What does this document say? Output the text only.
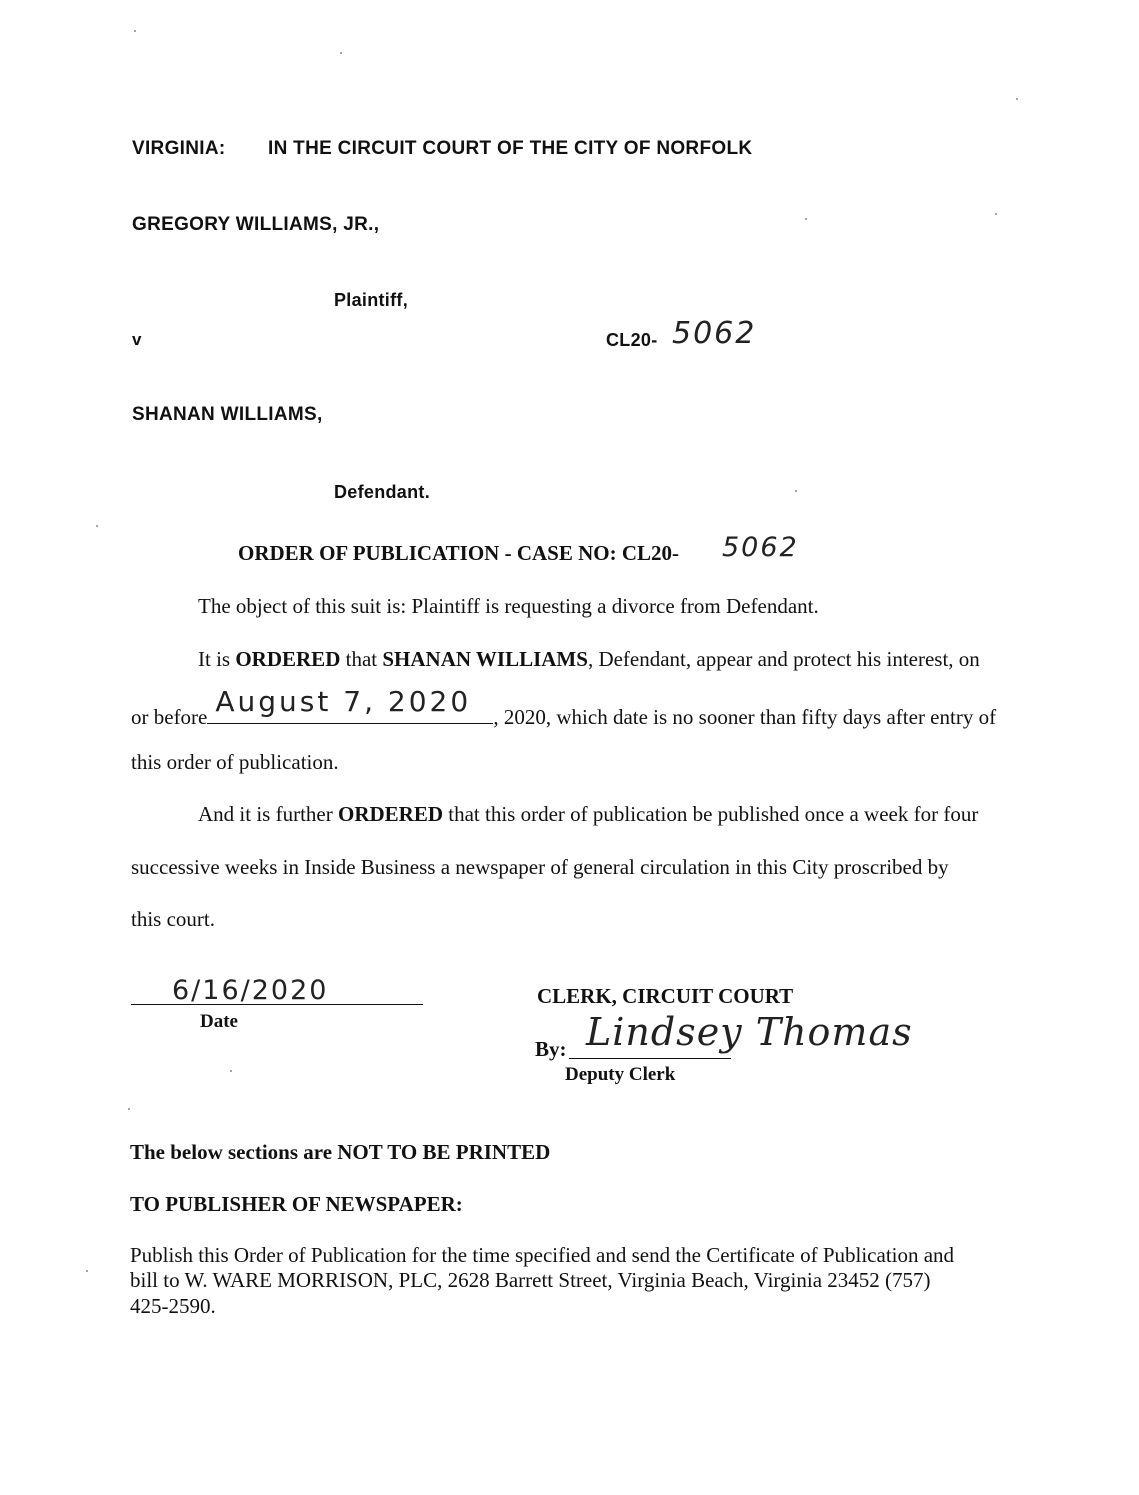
VIRGINIA: IN THE CIRCUIT COURT OF THE CITY OF NORFOLK
GREGORY WILLIAMS, JR.,
Plaintiff,
v	CL20- 5062
SHANAN WILLIAMS,
Defendant.
ORDER OF PUBLICATION - CASE NO: CL20- 5062
The object of this suit is: Plaintiff is requesting a divorce from Defendant.
It is ORDERED that SHANAN WILLIAMS, Defendant, appear and protect his interest, on
or before August 7, 2020 , 2020, which date is no sooner than fifty days after entry of
this order of publication.
And it is further ORDERED that this order of publication be published once a week for four
successive weeks in Inside Business a newspaper of general circulation in this City proscribed by
this court.
6/16/2020
Date
CLERK, CIRCUIT COURT
By: Lindsey Thomas
Deputy Clerk
The below sections are NOT TO BE PRINTED
TO PUBLISHER OF NEWSPAPER:
Publish this Order of Publication for the time specified and send the Certificate of Publication and
bill to W. WARE MORRISON, PLC, 2628 Barrett Street, Virginia Beach, Virginia 23452 (757)
425-2590.
